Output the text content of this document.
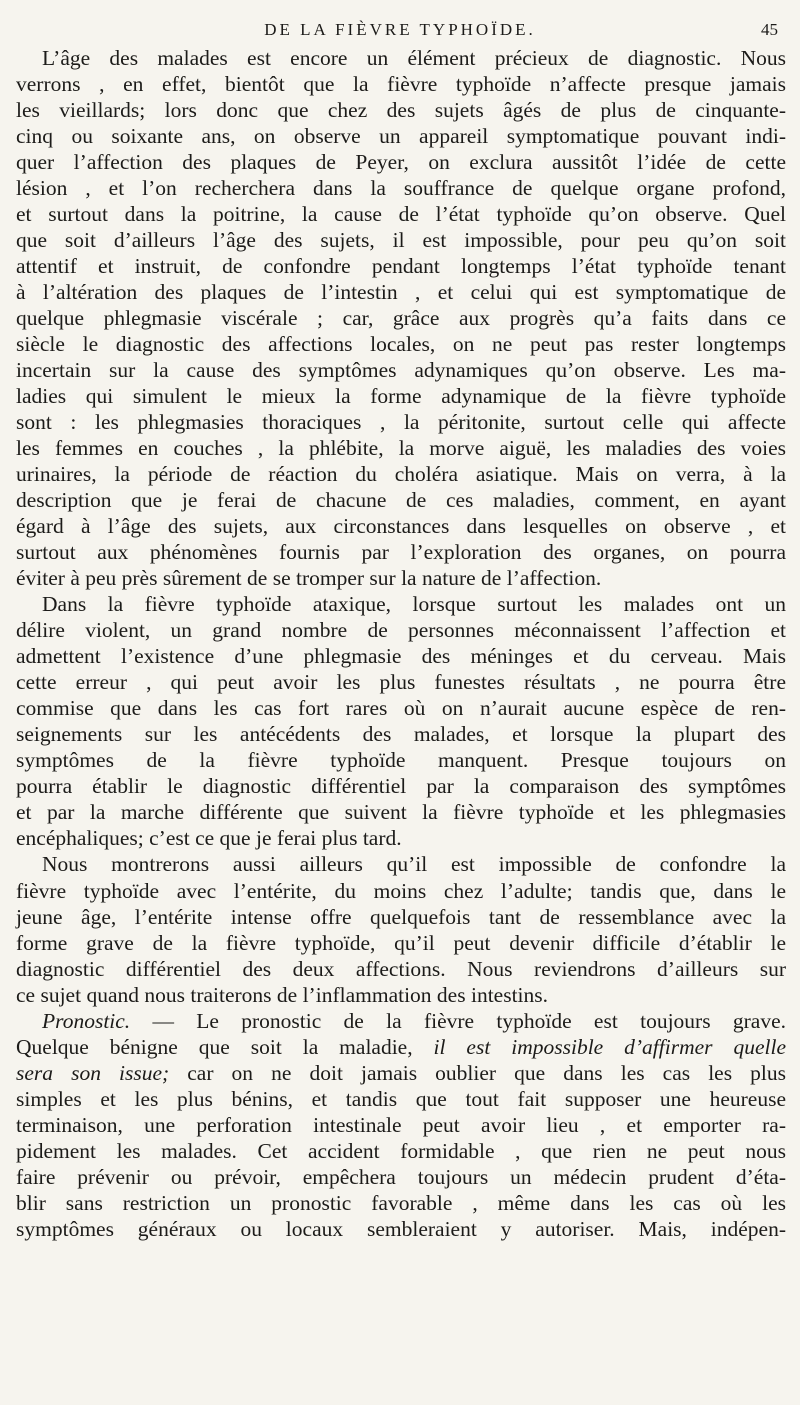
DE LA FIÈVRE TYPHOÏDE.	45
L’âge des malades est encore un élément précieux de diagnostic. Nous
verrons , en effet, bientôt que la fièvre typhoïde n’affecte presque jamais
les vieillards; lors donc que chez des sujets âgés de plus de cinquante-
cinq ou soixante ans, on observe un appareil symptomatique pouvant indi-
quer l’affection des plaques de Peyer, on exclura aussitôt l’idée de cette
lésion , et l’on recherchera dans la souffrance de quelque organe profond,
et surtout dans la poitrine, la cause de l’état typhoïde qu’on observe. Quel
que soit d’ailleurs l’âge des sujets, il est impossible, pour peu qu’on soit
attentif et instruit, de confondre pendant longtemps l’état typhoïde tenant
à l’altération des plaques de l’intestin , et celui qui est symptomatique de
quelque phlegmasie viscérale ; car, grâce aux progrès qu’a faits dans ce
siècle le diagnostic des affections locales, on ne peut pas rester longtemps
incertain sur la cause des symptômes adynamiques qu’on observe. Les ma-
ladies qui simulent le mieux la forme adynamique de la fièvre typhoïde
sont : les phlegmasies thoraciques , la péritonite, surtout celle qui affecte
les femmes en couches , la phlébite, la morve aiguë, les maladies des voies
urinaires, la période de réaction du choléra asiatique. Mais on verra, à la
description que je ferai de chacune de ces maladies, comment, en ayant
égard à l’âge des sujets, aux circonstances dans lesquelles on observe , et
surtout aux phénomènes fournis par l’exploration des organes, on pourra
éviter à peu près sûrement de se tromper sur la nature de l’affection.
Dans la fièvre typhoïde ataxique, lorsque surtout les malades ont un
délire violent, un grand nombre de personnes méconnaissent l’affection et
admettent l’existence d’une phlegmasie des méninges et du cerveau. Mais
cette erreur , qui peut avoir les plus funestes résultats , ne pourra être
commise que dans les cas fort rares où on n’aurait aucune espèce de ren-
seignements sur les antécédents des malades, et lorsque la plupart des
symptômes de la fièvre typhoïde manquent. Presque toujours on
pourra établir le diagnostic différentiel par la comparaison des symptômes
et par la marche différente que suivent la fièvre typhoïde et les phlegmasies
encéphaliques; c’est ce que je ferai plus tard.
Nous montrerons aussi ailleurs qu’il est impossible de confondre la
fièvre typhoïde avec l’entérite, du moins chez l’adulte; tandis que, dans le
jeune âge, l’entérite intense offre quelquefois tant de ressemblance avec la
forme grave de la fièvre typhoïde, qu’il peut devenir difficile d’établir le
diagnostic différentiel des deux affections. Nous reviendrons d’ailleurs sur
ce sujet quand nous traiterons de l’inflammation des intestins.
Pronostic. — Le pronostic de la fièvre typhoïde est toujours grave.
Quelque bénigne que soit la maladie, il est impossible d’affirmer quelle
sera son issue; car on ne doit jamais oublier que dans les cas les plus
simples et les plus bénins, et tandis que tout fait supposer une heureuse
terminaison, une perforation intestinale peut avoir lieu , et emporter ra-
pidement les malades. Cet accident formidable , que rien ne peut nous
faire prévenir ou prévoir, empêchera toujours un médecin prudent d’éta-
blir sans restriction un pronostic favorable , même dans les cas où les
symptômes généraux ou locaux sembleraient y autoriser. Mais, indépen-
